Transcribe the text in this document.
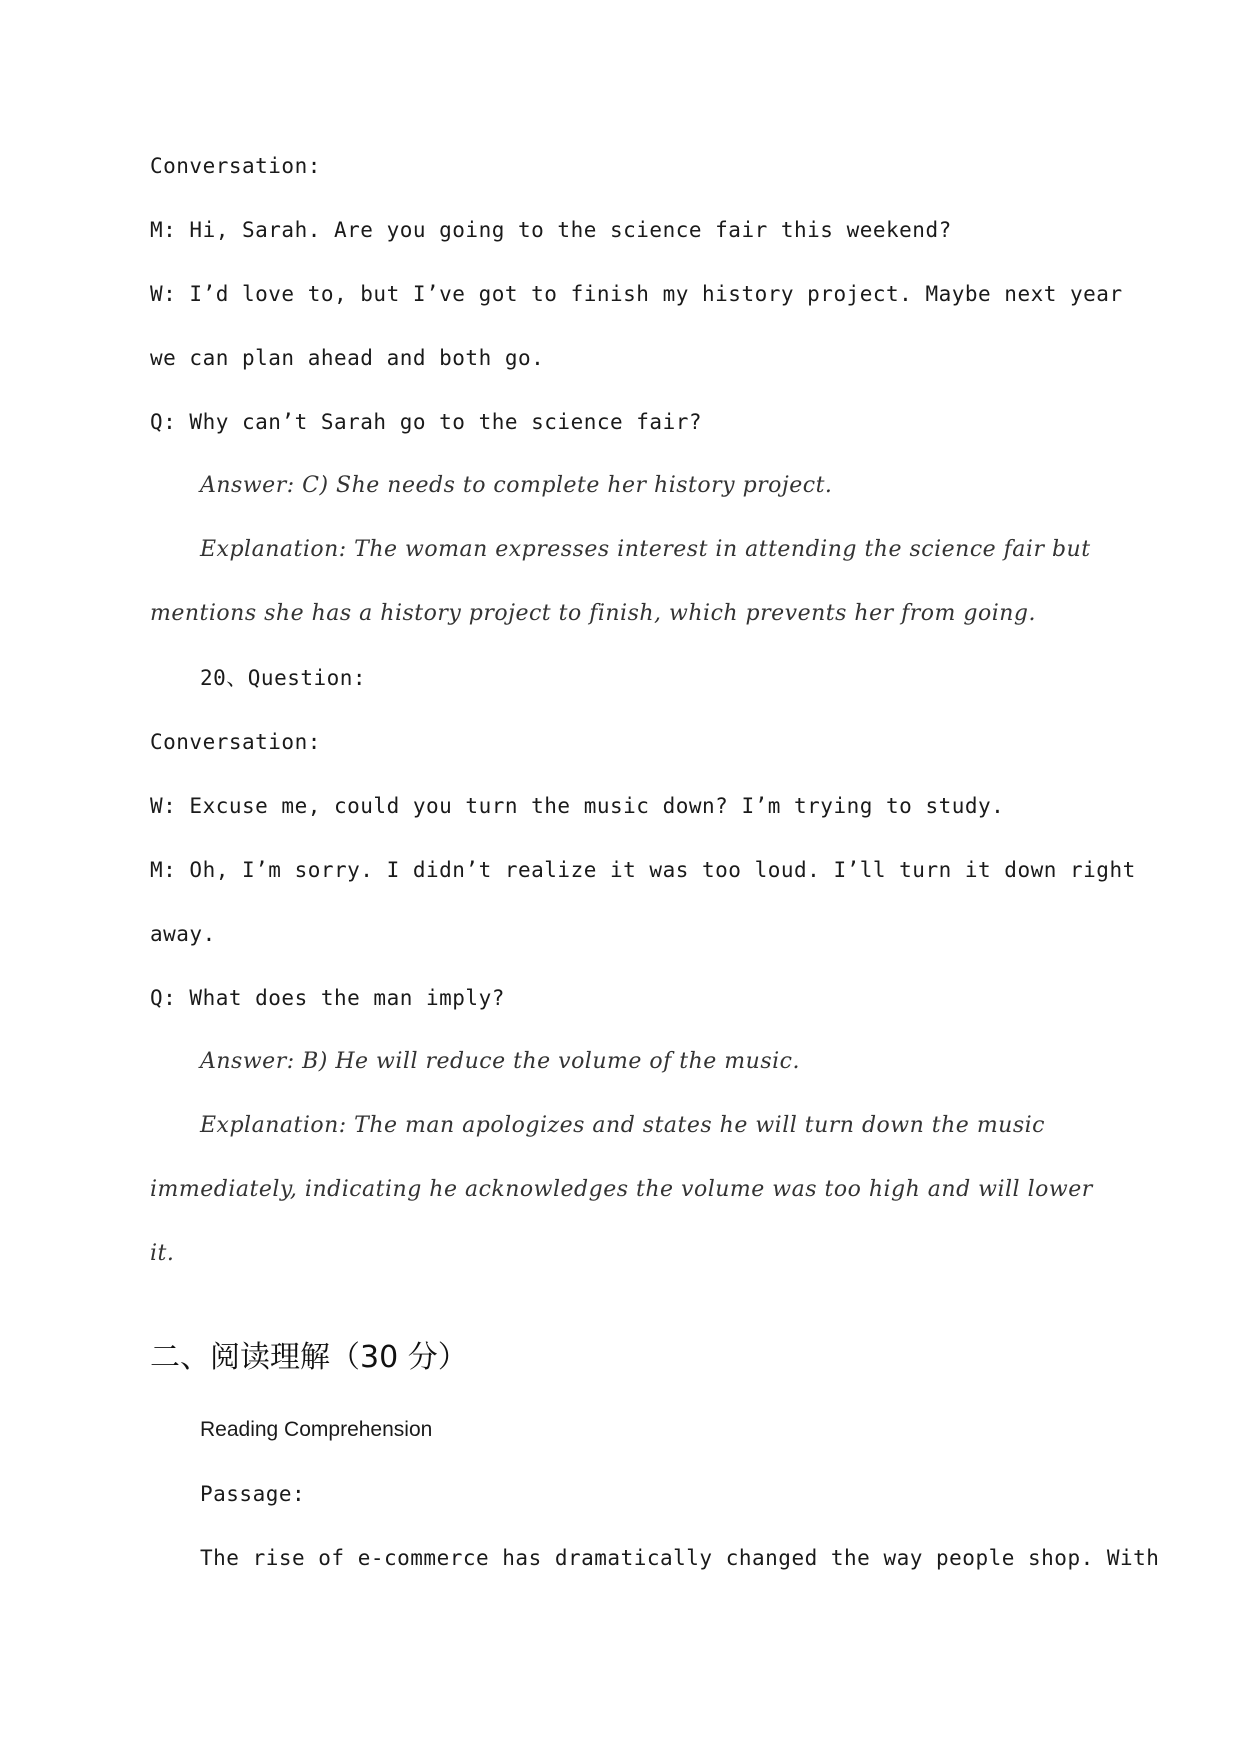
Conversation:
M: Hi, Sarah. Are you going to the science fair this weekend?
W: I’d love to, but I’ve got to finish my history project. Maybe next year
we can plan ahead and both go.
Q: Why can’t Sarah go to the science fair?
Answer: C) She needs to complete her history project.
Explanation: The woman expresses interest in attending the science fair but
mentions she has a history project to finish, which prevents her from going.
20、Question:
Conversation:
W: Excuse me, could you turn the music down? I’m trying to study.
M: Oh, I’m sorry. I didn’t realize it was too loud. I’ll turn it down right
away.
Q: What does the man imply?
Answer: B) He will reduce the volume of the music.
Explanation: The man apologizes and states he will turn down the music
immediately, indicating he acknowledges the volume was too high and will lower
it.
二、阅读理解（30 分）
Reading Comprehension
Passage:
The rise of e-commerce has dramatically changed the way people shop. With
